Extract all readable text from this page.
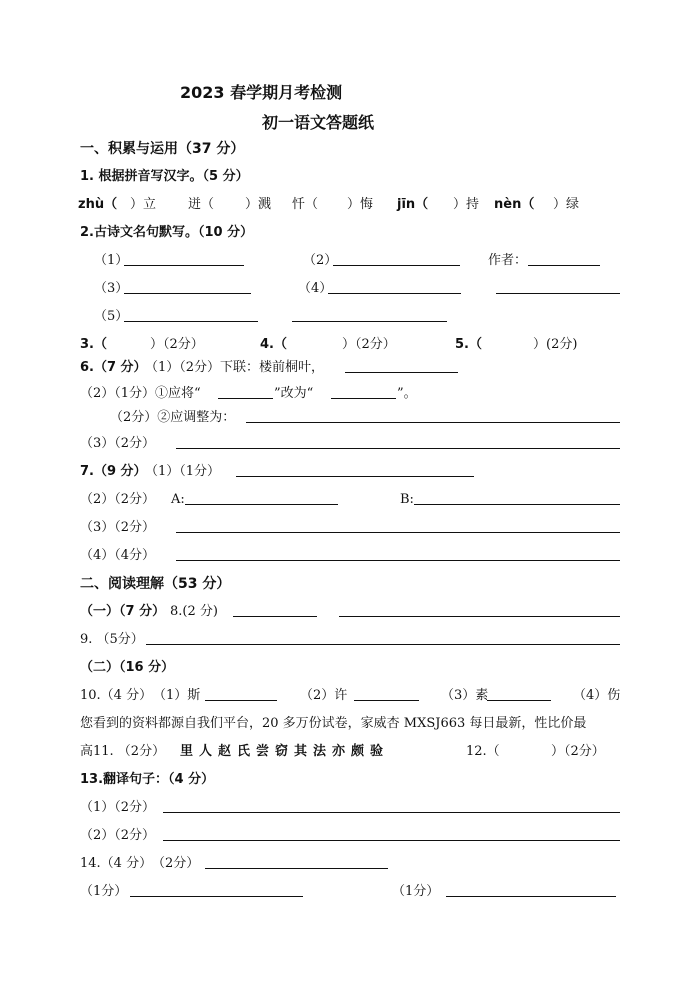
2023 春学期月考检测
初一语文答题纸
一、积累与运用（37 分）
1. 根据拼音写汉字。（5 分）
zhù（ ）立 迸（ ）溅 忏（ ）悔 jīn（ ）持 nèn（ ）绿
2.古诗文名句默写。（10 分）
（1）	（2）	作者：
（3）	（4）
（5）
3.（	）（2分）	4.（	）（2分）	5.（	）(2分)
6.（7 分）
（1）（2分）下联：楼前桐叶，
（2）（1分）①应将“	”改为“	”。
（2分）②应调整为：
（3）（2分）
7.（9 分）
（1）（1分）
（2）（2分） A:	B:
（3）（2分）
（4）（4分）
二、阅读理解（53 分）
（一）（7 分） 8.(2 分)
9. （5分）
（二）（16 分）
10.（4 分） （1）斯	（2）许	（3）素	（4）伤
您看到的资料都源自我们平台，20 多万份试卷，家威杏 MXSJ663 每日最新，性比价最
高11. （2分） 里人赵氏尝窃其法亦颇验	12.（	）（2分）
13.翻译句子：（4 分）
（1）（2分）
（2）（2分）
14.（4 分） （2分）
（1分）	（1分）
